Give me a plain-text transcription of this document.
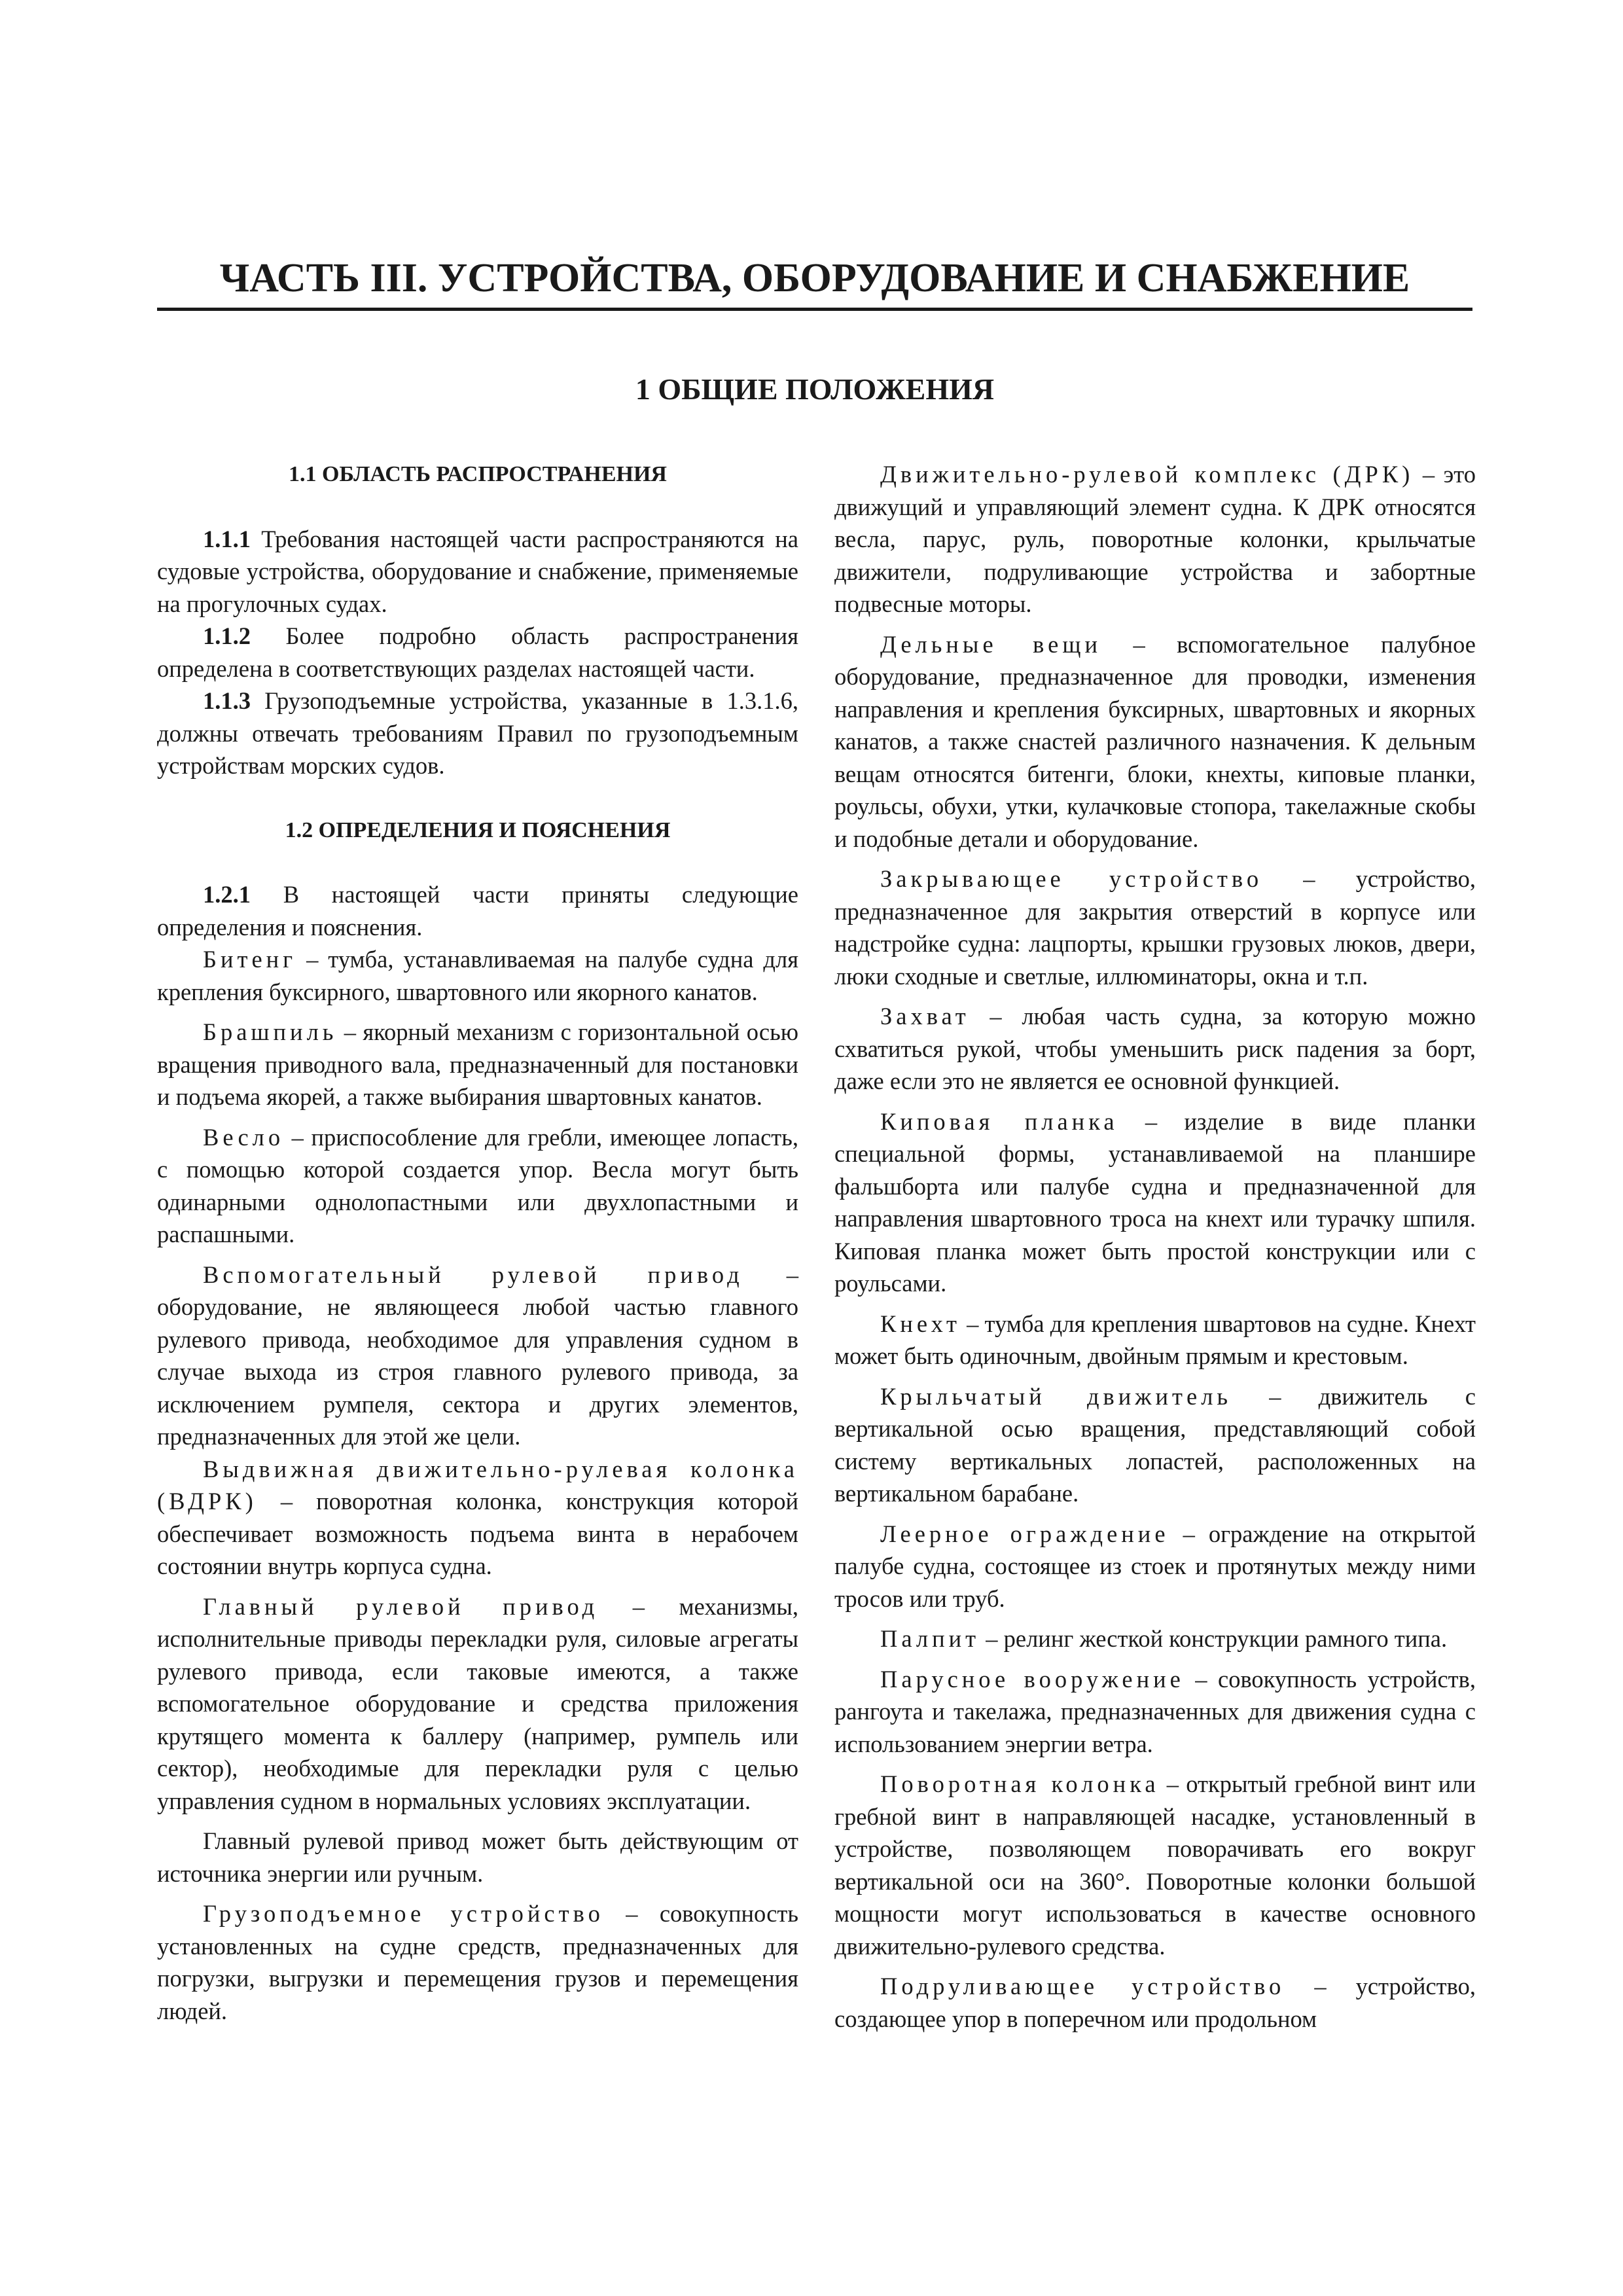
ЧАСТЬ III. УСТРОЙСТВА, ОБОРУДОВАНИЕ И СНАБЖЕНИЕ
1 ОБЩИЕ ПОЛОЖЕНИЯ
1.1 ОБЛАСТЬ РАСПРОСТРАНЕНИЯ

1.1.1 Требования настоящей части распространяются на судовые устройства, оборудование и снабжение, применяемые на прогулочных судах.

1.1.2 Более подробно область распространения определена в соответствующих разделах настоящей части.

1.1.3 Грузоподъемные устройства, указанные в 1.3.1.6, должны отвечать требованиям Правил по грузоподъемным устройствам морских судов.

1.2 ОПРЕДЕЛЕНИЯ И ПОЯСНЕНИЯ

1.2.1 В настоящей части приняты следующие определения и пояснения.

Битенг – тумба, устанавливаемая на палубе судна для крепления буксирного, швартовного или якорного канатов.

Брашпиль – якорный механизм с горизонтальной осью вращения приводного вала, предназначенный для постановки и подъема якорей, а также выбирания швартовных канатов.

Весло – приспособление для гребли, имеющее лопасть, с помощью которой создается упор. Весла могут быть одинарными однолопастными или двухлопастными и распашными.

Вспомогательный рулевой привод – оборудование, не являющееся любой частью главного рулевого привода, необходимое для управления судном в случае выхода из строя главного рулевого привода, за исключением румпеля, сектора и других элементов, предназначенных для этой же цели.

Выдвижная движительно-рулевая колонка (ВДРК) – поворотная колонка, конструкция которой обеспечивает возможность подъема винта в нерабочем состоянии внутрь корпуса судна.

Главный рулевой привод – механизмы, исполнительные приводы перекладки руля, силовые агрегаты рулевого привода, если таковые имеются, а также вспомогательное оборудование и средства приложения крутящего момента к баллеру (например, румпель или сектор), необходимые для перекладки руля с целью управления судном в нормальных условиях эксплуатации.

Главный рулевой привод может быть действующим от источника энергии или ручным.

Грузоподъемное устройство – совокупность установленных на судне средств, предназначенных для погрузки, выгрузки и перемещения грузов и перемещения людей.

Движительно-рулевой комплекс (ДРК) – это движущий и управляющий элемент судна. К ДРК относятся весла, парус, руль, поворотные колонки, крыльчатые движители, подруливающие устройства и забортные подвесные моторы.

Дельные вещи – вспомогательное палубное оборудование, предназначенное для проводки, изменения направления и крепления буксирных, швартовных и якорных канатов, а также снастей различного назначения. К дельным вещам относятся битенги, блоки, кнехты, киповые планки, роульсы, обухи, утки, кулачковые стопора, такелажные скобы и подобные детали и оборудование.

Закрывающее устройство – устройство, предназначенное для закрытия отверстий в корпусе или надстройке судна: лацпорты, крышки грузовых люков, двери, люки сходные и светлые, иллюминаторы, окна и т.п.

Захват – любая часть судна, за которую можно схватиться рукой, чтобы уменьшить риск падения за борт, даже если это не является ее основной функцией.

Киповая планка – изделие в виде планки специальной формы, устанавливаемой на планшире фальшборта или палубе судна и предназначенной для направления швартовного троса на кнехт или турачку шпиля. Киповая планка может быть простой конструкции или с роульсами.

Кнехт – тумба для крепления швартовов на судне. Кнехт может быть одиночным, двойным прямым и крестовым.

Крыльчатый движитель – движитель с вертикальной осью вращения, представляющий собой систему вертикальных лопастей, расположенных на вертикальном барабане.

Леерное ограждение – ограждение на открытой палубе судна, состоящее из стоек и протянутых между ними тросов или труб.

Палпит – релинг жесткой конструкции рамного типа.

Парусное вооружение – совокупность устройств, рангоута и такелажа, предназначенных для движения судна с использованием энергии ветра.

Поворотная колонка – открытый гребной винт или гребной винт в направляющей насадке, установленный в устройстве, позволяющем поворачивать его вокруг вертикальной оси на 360°. Поворотные колонки большой мощности могут использоваться в качестве основного движительно-рулевого средства.

Подруливающее устройство – устройство, создающее упор в поперечном или продольном
